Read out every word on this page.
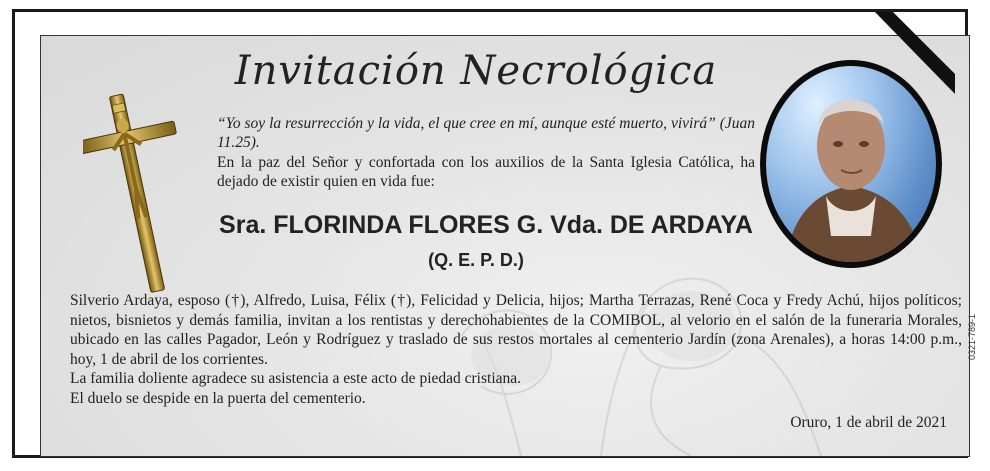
Invitación Necrológica
“Yo soy la resurrección y la vida, el que cree en mí, aunque esté muerto, vivirá” (Juan 11.25).
En la paz del Señor y confortada con los auxilios de la Santa Iglesia Católica, ha dejado de existir quien en vida fue:
Sra. FLORINDA FLORES G. Vda. DE ARDAYA
(Q. E. P. D.)

Silverio Ardaya, esposo (†), Alfredo, Luisa, Félix (†), Felicidad y Delicia, hijos; Martha Terrazas, René Coca y Fredy Achú, hijos políticos; nietos, bisnietos y demás familia, invitan a los rentistas y derechohabientes de la COMIBOL, al velorio en el salón de la funeraria Morales, ubicado en las calles Pagador, León y Rodríguez y traslado de sus restos mortales al cementerio Jardín (zona Arenales), a horas 14:00 p.m., hoy, 1 de abril de los corrientes.

La familia doliente agradece su asistencia a este acto de piedad cristiana.

El duelo se despide en la puerta del cementerio.

Oruro, 1 de abril de 2021
0321-789-1
